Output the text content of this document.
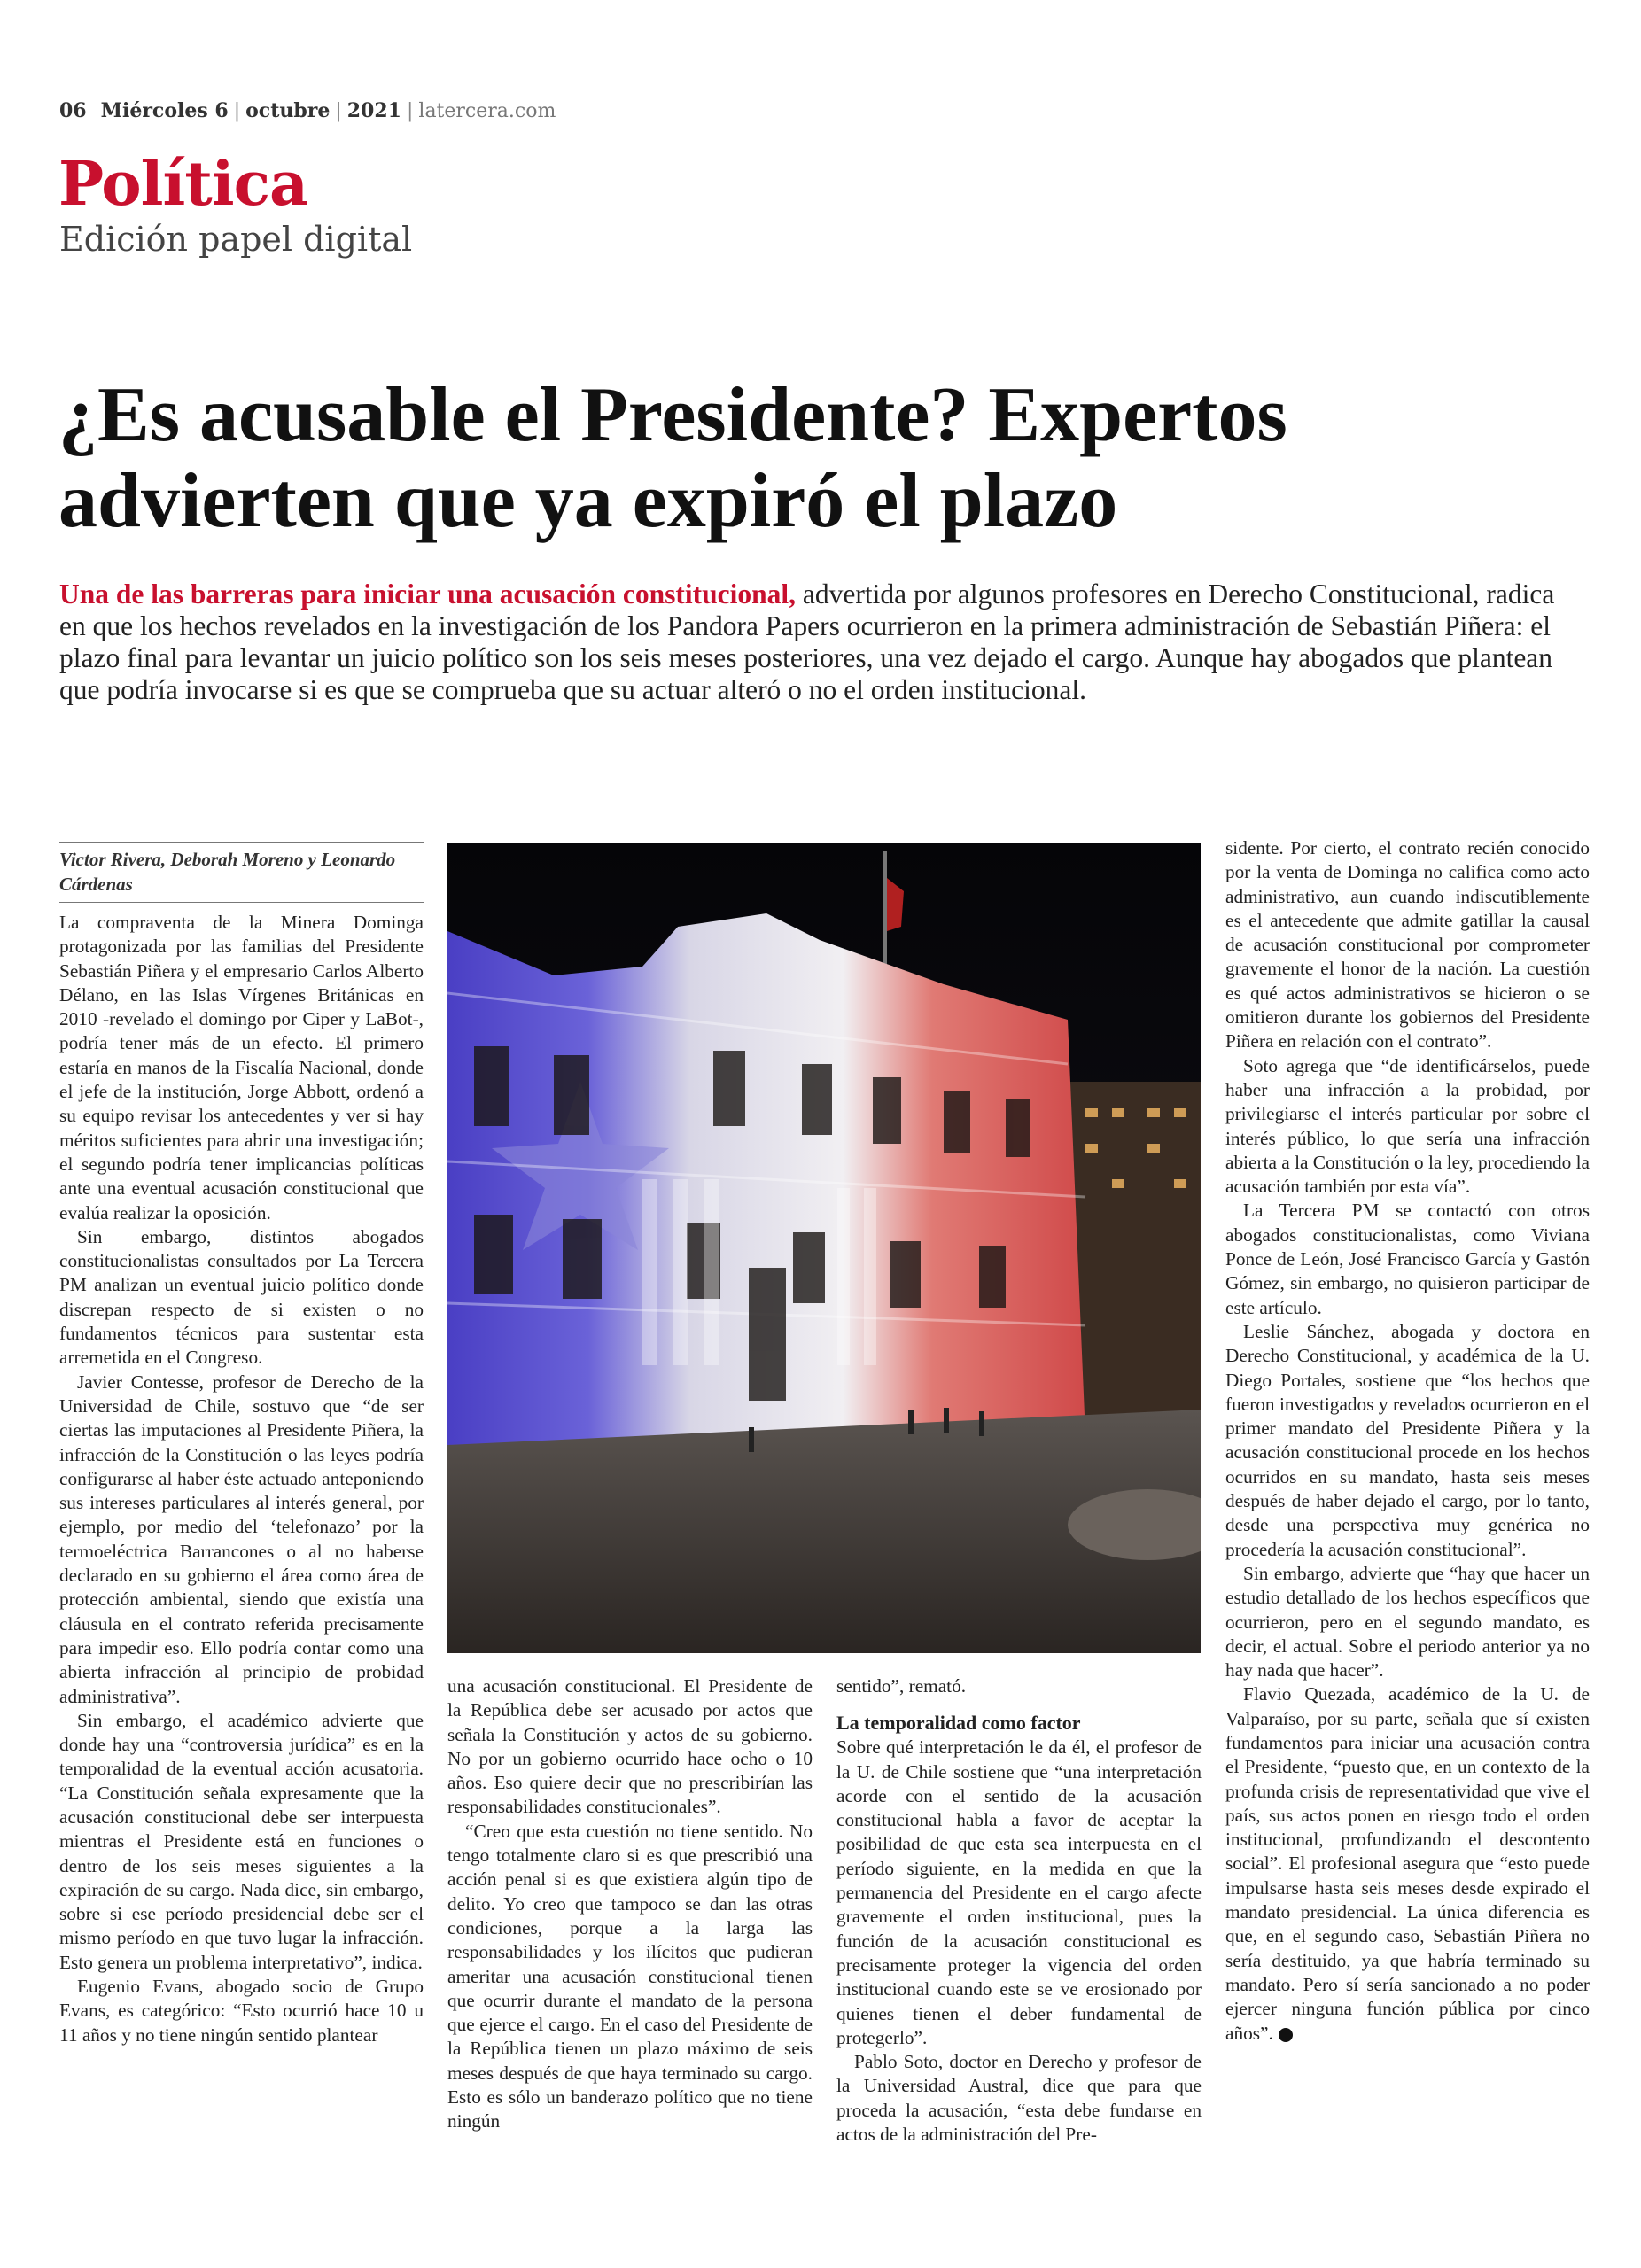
06 Miércoles 6 | octubre | 2021 | latercera.com
Política
Edición papel digital
¿Es acusable el Presidente? Expertos advierten que ya expiró el plazo
Una de las barreras para iniciar una acusación constitucional, advertida por algunos profesores en Derecho Constitucional, radica en que los hechos revelados en la investigación de los Pandora Papers ocurrieron en la primera administración de Sebastián Piñera: el plazo final para levantar un juicio político son los seis meses posteriores, una vez dejado el cargo. Aunque hay abogados que plantean que podría invocarse si es que se comprueba que su actuar alteró o no el orden institucional.
Victor Rivera, Deborah Moreno y Leonardo Cárdenas

La compraventa de la Minera Dominga protagonizada por las familias del Presidente Sebastián Piñera y el empresario Carlos Alberto Délano, en las Islas Vírgenes Británicas en 2010 -revelado el domingo por Ciper y LaBot-, podría tener más de un efecto. El primero estaría en manos de la Fiscalía Nacional, donde el jefe de la institución, Jorge Abbott, ordenó a su equipo revisar los antecedentes y ver si hay méritos suficientes para abrir una investigación; el segundo podría tener implicancias políticas ante una eventual acusación constitucional que evalúa realizar la oposición.

Sin embargo, distintos abogados constitucionalistas consultados por La Tercera PM analizan un eventual juicio político donde discrepan respecto de si existen o no fundamentos técnicos para sustentar esta arremetida en el Congreso.

Javier Contesse, profesor de Derecho de la Universidad de Chile, sostuvo que “de ser ciertas las imputaciones al Presidente Piñera, la infracción de la Constitución o las leyes podría configurarse al haber éste actuado anteponiendo sus intereses particulares al interés general, por ejemplo, por medio del ‘telefonazo’ por la termoeléctrica Barrancones o al no haberse declarado en su gobierno el área como área de protección ambiental, siendo que existía una cláusula en el contrato referida precisamente para impedir eso. Ello podría contar como una abierta infracción al principio de probidad administrativa”.

Sin embargo, el académico advierte que donde hay una “controversia jurídica” es en la temporalidad de la eventual acción acusatoria. “La Constitución señala expresamente que la acusación constitucional debe ser interpuesta mientras el Presidente está en funciones o dentro de los seis meses siguientes a la expiración de su cargo. Nada dice, sin embargo, sobre si ese período presidencial debe ser el mismo período en que tuvo lugar la infracción. Esto genera un problema interpretativo”, indica.

Eugenio Evans, abogado socio de Grupo Evans, es categórico: “Esto ocurrió hace 10 u 11 años y no tiene ningún sentido plantear

una acusación constitucional. El Presidente de la República debe ser acusado por actos que señala la Constitución y actos de su gobierno. No por un gobierno ocurrido hace ocho o 10 años. Eso quiere decir que no prescribirían las responsabilidades constitucionales”.

“Creo que esta cuestión no tiene sentido. No tengo totalmente claro si es que prescribió una acción penal si es que existiera algún tipo de delito. Yo creo que tampoco se dan las otras condiciones, porque a la larga las responsabilidades y los ilícitos que pudieran ameritar una acusación constitucional tienen que ocurrir durante el mandato de la persona que ejerce el cargo. En el caso del Presidente de la República tienen un plazo máximo de seis meses después de que haya terminado su cargo. Esto es sólo un banderazo político que no tiene ningún

sentido”, remató.

La temporalidad como factor

Sobre qué interpretación le da él, el profesor de la U. de Chile sostiene que “una interpretación acorde con el sentido de la acusación constitucional habla a favor de aceptar la posibilidad de que esta sea interpuesta en el período siguiente, en la medida en que la permanencia del Presidente en el cargo afecte gravemente el orden institucional, pues la función de la acusación constitucional es precisamente proteger la vigencia del orden institucional cuando este se ve erosionado por quienes tienen el deber fundamental de protegerlo”.

Pablo Soto, doctor en Derecho y profesor de la Universidad Austral, dice que para que proceda la acusación, “esta debe fundarse en actos de la administración del Pre-

sidente. Por cierto, el contrato recién conocido por la venta de Dominga no califica como acto administrativo, aun cuando indiscutiblemente es el antecedente que admite gatillar la causal de acusación constitucional por comprometer gravemente el honor de la nación. La cuestión es qué actos administrativos se hicieron o se omitieron durante los gobiernos del Presidente Piñera en relación con el contrato”.

Soto agrega que “de identificárselos, puede haber una infracción a la probidad, por privilegiarse el interés particular por sobre el interés público, lo que sería una infracción abierta a la Constitución o la ley, procediendo la acusación también por esta vía”.

La Tercera PM se contactó con otros abogados constitucionalistas, como Viviana Ponce de León, José Francisco García y Gastón Gómez, sin embargo, no quisieron participar de este artículo.

Leslie Sánchez, abogada y doctora en Derecho Constitucional, y académica de la U. Diego Portales, sostiene que “los hechos que fueron investigados y revelados ocurrieron en el primer mandato del Presidente Piñera y la acusación constitucional procede en los hechos ocurridos en su mandato, hasta seis meses después de haber dejado el cargo, por lo tanto, desde una perspectiva muy genérica no procedería la acusación constitucional”.

Sin embargo, advierte que “hay que hacer un estudio detallado de los hechos específicos que ocurrieron, pero en el segundo mandato, es decir, el actual. Sobre el periodo anterior ya no hay nada que hacer”.

Flavio Quezada, académico de la U. de Valparaíso, por su parte, señala que sí existen fundamentos para iniciar una acusación contra el Presidente, “puesto que, en un contexto de la profunda crisis de representatividad que vive el país, sus actos ponen en riesgo todo el orden institucional, profundizando el descontento social”. El profesional asegura que “esto puede impulsarse hasta seis meses desde expirado el mandato presidencial. La única diferencia es que, en el segundo caso, Sebastián Piñera no sería destituido, ya que habría terminado su mandato. Pero sí sería sancionado a no poder ejercer ninguna función pública por cinco años”.
